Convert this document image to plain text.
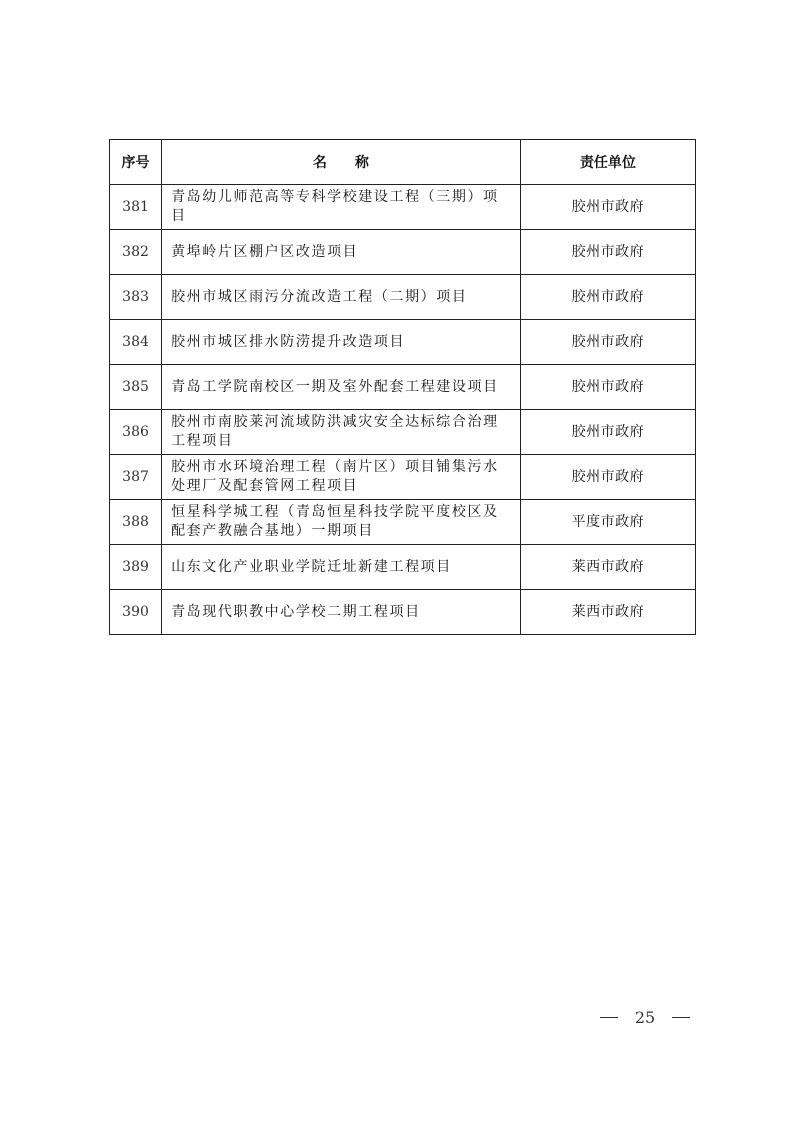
序号	名　　称	责任单位
381	青岛幼儿师范高等专科学校建设工程（三期）项目	胶州市政府
382	黄埠岭片区棚户区改造项目	胶州市政府
383	胶州市城区雨污分流改造工程（二期）项目	胶州市政府
384	胶州市城区排水防涝提升改造项目	胶州市政府
385	青岛工学院南校区一期及室外配套工程建设项目	胶州市政府
386	胶州市南胶莱河流域防洪减灾安全达标综合治理工程项目	胶州市政府
387	胶州市水环境治理工程（南片区）项目铺集污水处理厂及配套管网工程项目	胶州市政府
388	恒星科学城工程（青岛恒星科技学院平度校区及配套产教融合基地）一期项目	平度市政府
389	山东文化产业职业学院迁址新建工程项目	莱西市政府
390	青岛现代职教中心学校二期工程项目	莱西市政府
25
